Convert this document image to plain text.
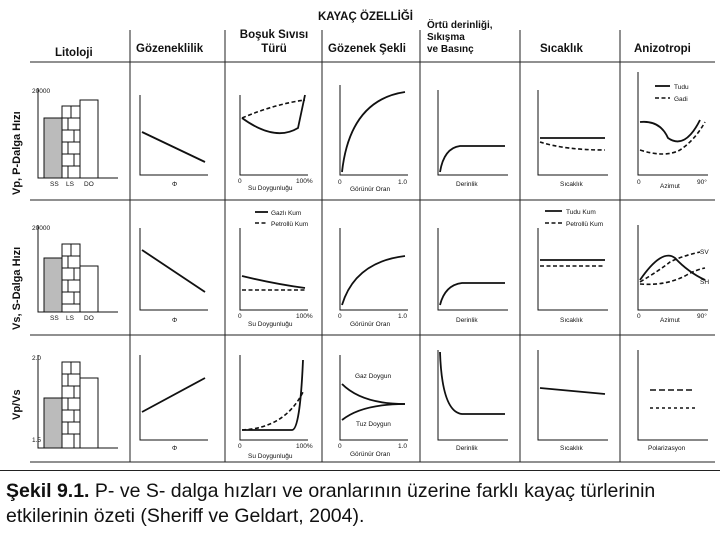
KAYAÇ ÖZELLİĞİ
Litoloji	Gözeneklilik
Boşuk Sıvısı Türü	Gözenek Şekli
Örtü derinliği, Sıkışma ve Basınç	Sıcaklık	Anizotropi
Vp, P-Dalga Hızı
Vs, S-Dalga Hızı
Vp/Vs
20000
SS LS DO	Φ	0	100%
Su Doygunluğu
0	1.0
Görünür Oran
Derinlik	Sıcaklık
Tudu
Gadi
0	90°
Azimut
20000
SS LS DO	Φ
Gazlı Kum
Petrollü Kum
0	100%
Su Doygunluğu
0	1.0
Görünür Oran
Derinlik
Tudu Kum
Petrollü Kum
Sıcaklık
SV
SH
0	90°
Azimut
2.0
1.5
Φ	0	100%
Su Doygunluğu
Gaz Doygun
Tuz Doygun
0	1.0
Görünür Oran
Derinlik	Sıcaklık	Polarizasyon
Şekil 9.1. P- ve S- dalga hızları ve oranlarının üzerine farklı kayaç türlerinin etkilerinin özeti (Sheriff ve Geldart, 2004).
